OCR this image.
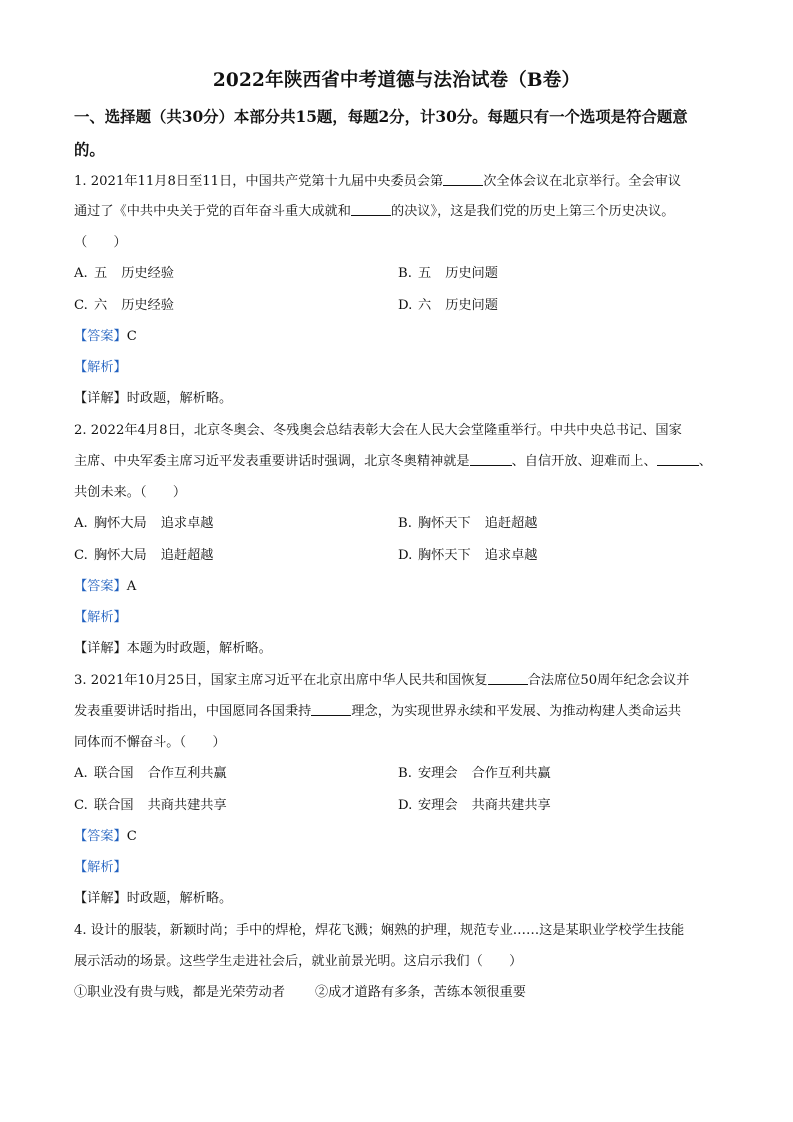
2022年陕西省中考道德与法治试卷（B卷）
一、选择题（共30分）本部分共15题，每题2分，计30分。每题只有一个选项是符合题意
的。
1. 2021年11月8日至11日，中国共产党第十九届中央委员会第	次全体会议在北京举行。全会审议
通过了《中共中央关于党的百年奋斗重大成就和	的决议》，这是我们党的历史上第三个历史决议。
（　　）
A. 五 历史经验	B. 五 历史问题
C. 六 历史经验	D. 六 历史问题
【答案】C
【解析】
【详解】时政题，解析略。
2. 2022年4月8日，北京冬奥会、冬残奥会总结表彰大会在人民大会堂隆重举行。中共中央总书记、国家
主席、中央军委主席习近平发表重要讲话时强调，北京冬奥精神就是	、自信开放、迎难而上、	、
共创未来。（　　）
A. 胸怀大局 追求卓越	B. 胸怀天下 追赶超越
C. 胸怀大局 追赶超越	D. 胸怀天下 追求卓越
【答案】A
【解析】
【详解】本题为时政题，解析略。
3. 2021年10月25日，国家主席习近平在北京出席中华人民共和国恢复	合法席位50周年纪念会议并
发表重要讲话时指出，中国愿同各国秉持	理念，为实现世界永续和平发展、为推动构建人类命运共
同体而不懈奋斗。（　　）
A. 联合国 合作互利共赢	B. 安理会 合作互利共赢
C. 联合国 共商共建共享	D. 安理会 共商共建共享
【答案】C
【解析】
【详解】时政题，解析略。
4. 设计的服装，新颖时尚；手中的焊枪，焊花飞溅；娴熟的护理，规范专业……这是某职业学校学生技能
展示活动的场景。这些学生走进社会后，就业前景光明。这启示我们（　　）
①职业没有贵与贱，都是光荣劳动者 ②成才道路有多条，苦练本领很重要
